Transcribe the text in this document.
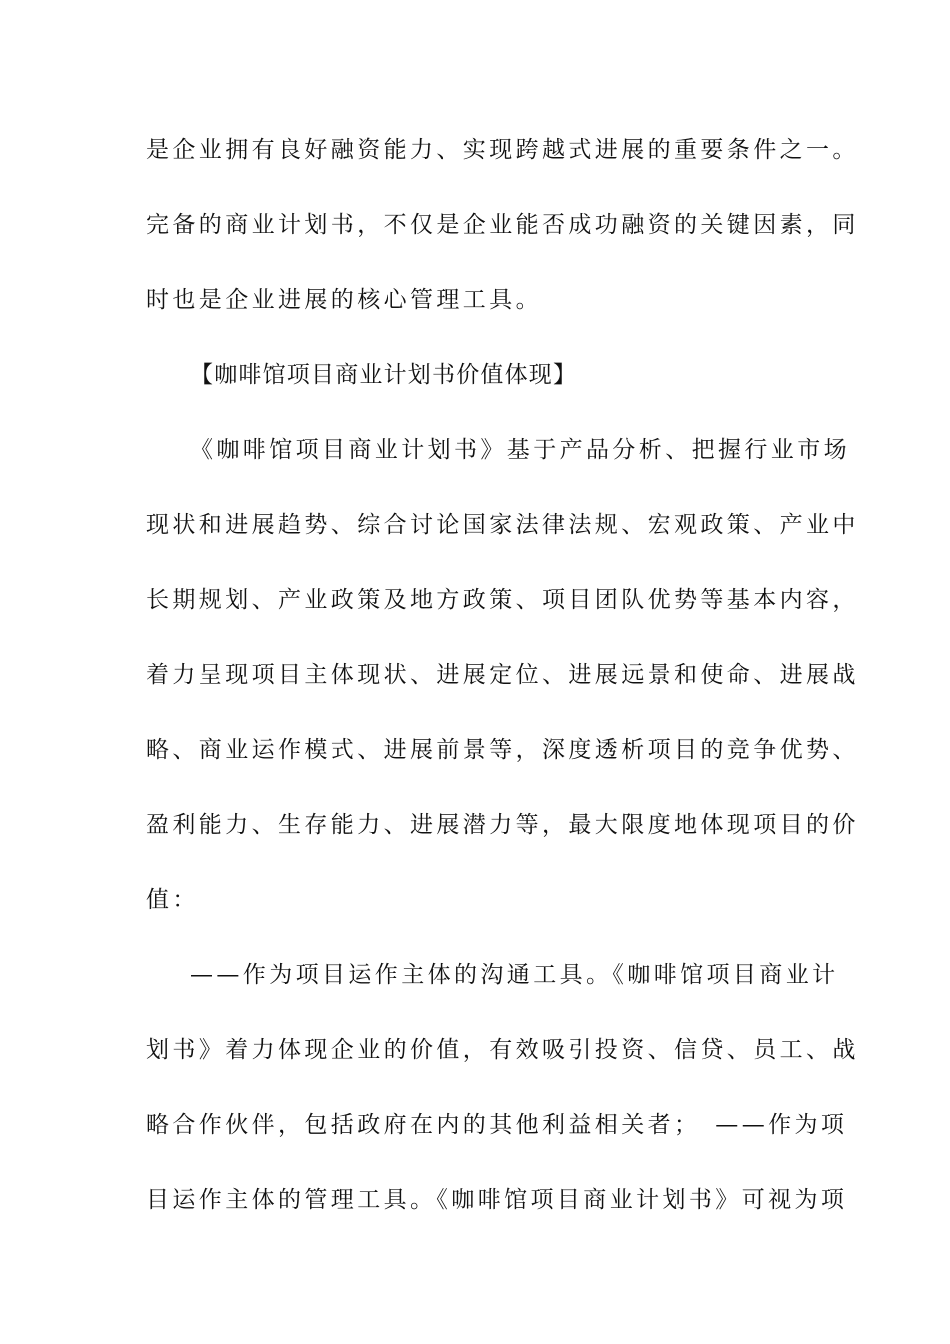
是企业拥有良好融资能力、实现跨越式进展的重要条件之一。
完备的商业计划书，不仅是企业能否成功融资的关键因素，同
时也是企业进展的核心管理工具。
【咖啡馆项目商业计划书价值体现】
《咖啡馆项目商业计划书》基于产品分析、把握行业市场
现状和进展趋势、综合讨论国家法律法规、宏观政策、产业中
长期规划、产业政策及地方政策、项目团队优势等基本内容，
着力呈现项目主体现状、进展定位、进展远景和使命、进展战
略、商业运作模式、进展前景等，深度透析项目的竞争优势、
盈利能力、生存能力、进展潜力等，最大限度地体现项目的价
值：
——作为项目运作主体的沟通工具。《咖啡馆项目商业计
划书》着力体现企业的价值，有效吸引投资、信贷、员工、战
略合作伙伴，包括政府在内的其他利益相关者；　——作为项
目运作主体的管理工具。《咖啡馆项目商业计划书》可视为项
